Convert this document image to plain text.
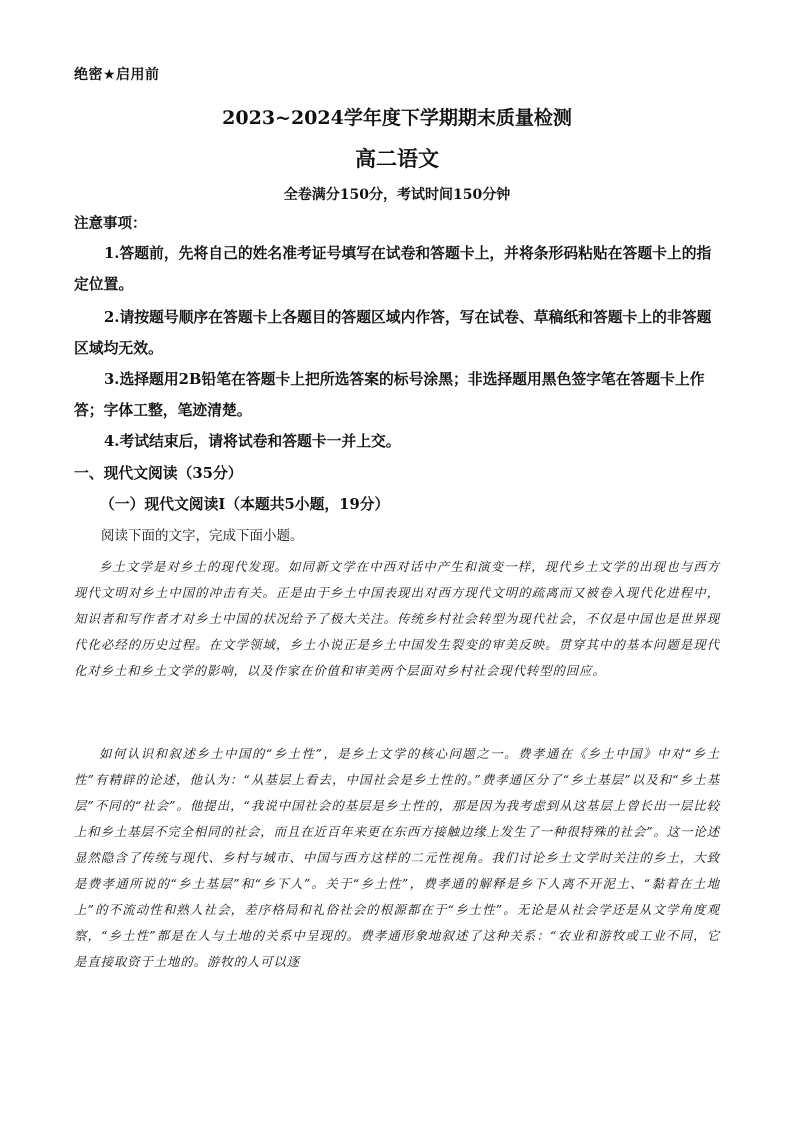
绝密★启用前
2023~2024学年度下学期期末质量检测
高二语文
全卷满分150分，考试时间150分钟
注意事项：

1.答题前，先将自己的姓名准考证号填写在试卷和答题卡上，并将条形码粘贴在答题卡上的指定位置。

2.请按题号顺序在答题卡上各题目的答题区域内作答，写在试卷、草稿纸和答题卡上的非答题区域均无效。

3.选择题用2B铅笔在答题卡上把所选答案的标号涂黑；非选择题用黑色签字笔在答题卡上作答；字体工整，笔迹清楚。

4.考试结束后，请将试卷和答题卡一并上交。

一、现代文阅读（35分）
（一）现代文阅读Ⅰ（本题共5小题，19分）
阅读下面的文字，完成下面小题。

乡土文学是对乡土的现代发现。如同新文学在中西对话中产生和演变一样，现代乡土文学的出现也与西方现代文明对乡土中国的冲击有关。正是由于乡土中国表现出对西方现代文明的疏离而又被卷入现代化进程中，知识者和写作者才对乡土中国的状况给予了极大关注。传统乡村社会转型为现代社会，不仅是中国也是世界现代化必经的历史过程。在文学领域，乡土小说正是乡土中国发生裂变的审美反映。贯穿其中的基本问题是现代化对乡土和乡土文学的影响，以及作家在价值和审美两个层面对乡村社会现代转型的回应。

如何认识和叙述乡土中国的“乡土性”，是乡土文学的核心问题之一。费孝通在《乡土中国》中对“乡土性”有精辟的论述，他认为：“从基层上看去，中国社会是乡土性的。”费孝通区分了“乡土基层”以及和“乡土基层”不同的“社会”。他提出，“我说中国社会的基层是乡土性的，那是因为我考虑到从这基层上曾长出一层比较上和乡土基层不完全相同的社会，而且在近百年来更在东西方接触边缘上发生了一种很特殊的社会”。这一论述显然隐含了传统与现代、乡村与城市、中国与西方这样的二元性视角。我们讨论乡土文学时关注的乡土，大致是费孝通所说的“乡土基层”和“乡下人”。关于“乡土性”，费孝通的解释是乡下人离不开泥土、“黏着在土地上”的不流动性和熟人社会，差序格局和礼俗社会的根源都在于“乡土性”。无论是从社会学还是从文学角度观察，“乡土性”都是在人与土地的关系中呈现的。费孝通形象地叙述了这种关系：“农业和游牧或工业不同，它是直接取资于土地的。游牧的人可以逐
